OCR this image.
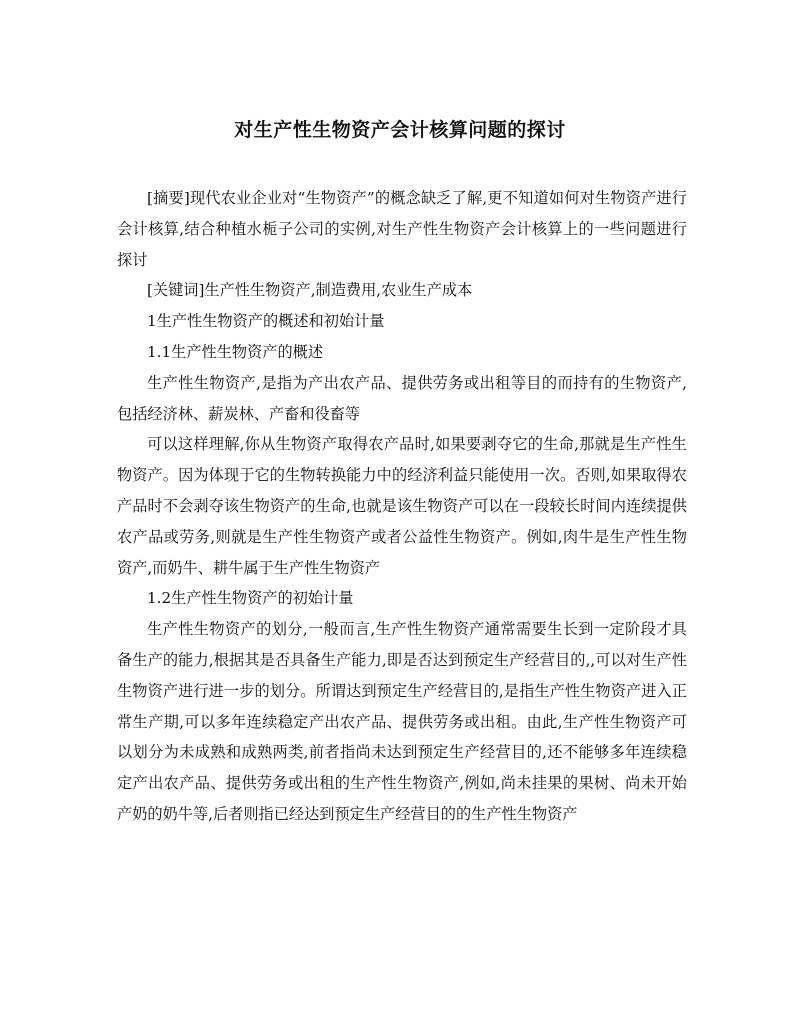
对生产性生物资产会计核算问题的探讨

[摘要]现代农业企业对“生物资产”的概念缺乏了解,更不知道如何对生物资产进行会计核算,结合种植水栀子公司的实例,对生产性生物资产会计核算上的一些问题进行探讨

[关键词]生产性生物资产,制造费用,农业生产成本

1生产性生物资产的概述和初始计量

1.1生产性生物资产的概述

生产性生物资产,是指为产出农产品、提供劳务或出租等目的而持有的生物资产,包括经济林、薪炭林、产畜和役畜等

可以这样理解,你从生物资产取得农产品时,如果要剥夺它的生命,那就是生产性生物资产。因为体现于它的生物转换能力中的经济利益只能使用一次。否则,如果取得农产品时不会剥夺该生物资产的生命,也就是该生物资产可以在一段较长时间内连续提供农产品或劳务,则就是生产性生物资产或者公益性生物资产。例如,肉牛是生产性生物资产,而奶牛、耕牛属于生产性生物资产

1.2生产性生物资产的初始计量

生产性生物资产的划分,一般而言,生产性生物资产通常需要生长到一定阶段才具备生产的能力,根据其是否具备生产能力,即是否达到预定生产经营目的,,可以对生产性生物资产进行进一步的划分。所谓达到预定生产经营目的,是指生产性生物资产进入正常生产期,可以多年连续稳定产出农产品、提供劳务或出租。由此,生产性生物资产可以划分为未成熟和成熟两类,前者指尚未达到预定生产经营目的,还不能够多年连续稳定产出农产品、提供劳务或出租的生产性生物资产,例如,尚未挂果的果树、尚未开始产奶的奶牛等,后者则指已经达到预定生产经营目的的生产性生物资产
